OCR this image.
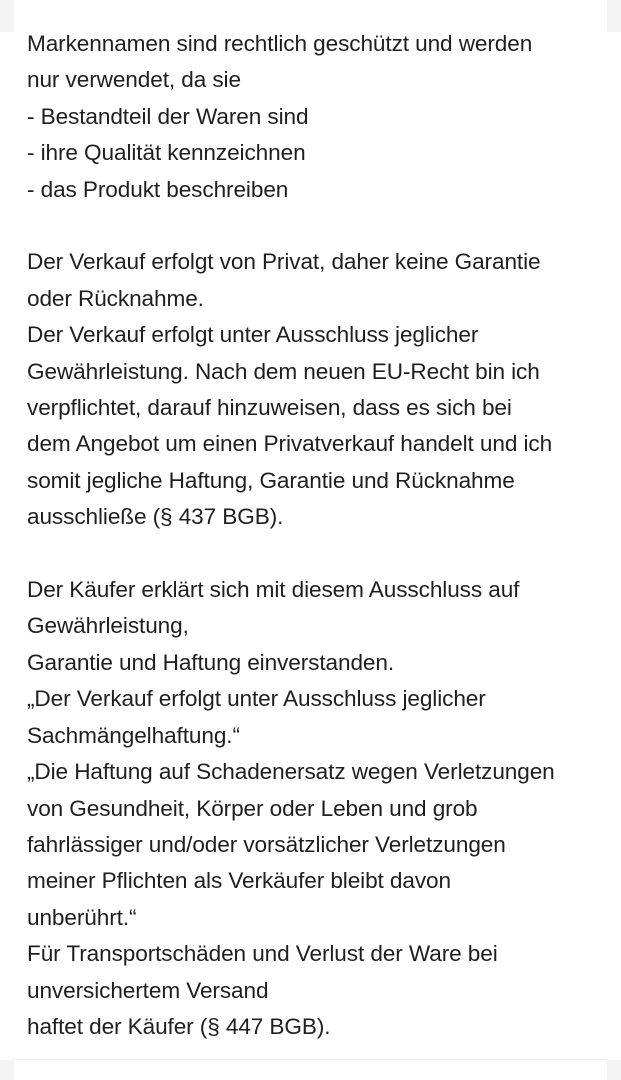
Markennamen sind rechtlich geschützt und werden
nur verwendet, da sie
- Bestandteil der Waren sind
- ihre Qualität kennzeichnen
- das Produkt beschreiben
Der Verkauf erfolgt von Privat, daher keine Garantie
oder Rücknahme.
Der Verkauf erfolgt unter Ausschluss jeglicher
Gewährleistung. Nach dem neuen EU-Recht bin ich
verpflichtet, darauf hinzuweisen, dass es sich bei
dem Angebot um einen Privatverkauf handelt und ich
somit jegliche Haftung, Garantie und Rücknahme
ausschließe (§ 437 BGB).
Der Käufer erklärt sich mit diesem Ausschluss auf
Gewährleistung,
Garantie und Haftung einverstanden.
„Der Verkauf erfolgt unter Ausschluss jeglicher
Sachmängelhaftung.“
„Die Haftung auf Schadenersatz wegen Verletzungen
von Gesundheit, Körper oder Leben und grob
fahrlässiger und/oder vorsätzlicher Verletzungen
meiner Pflichten als Verkäufer bleibt davon
unberührt.“
Für Transportschäden und Verlust der Ware bei
unversichertem Versand
haftet der Käufer (§ 447 BGB).
